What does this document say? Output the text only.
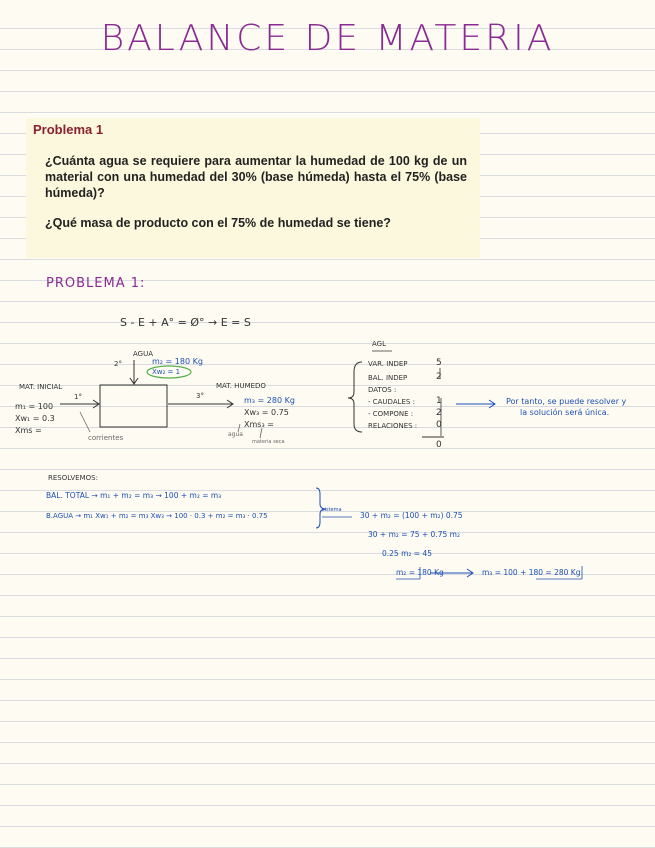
BALANCE DE MATERIA
Problema 1
¿Cuánta agua se requiere para aumentar la humedad de 100 kg de un material con una humedad del 30% (base húmeda) hasta el 75% (base húmeda)?
¿Qué masa de producto con el 75% de humedad se tiene?
PROBLEMA 1:
S - E + A° = Ø° → E = S
2°
AGUA
m₂ = 180 Kg
Xw₂ = 1
MAT. INICIAL
1°
m₁ = 100
Xw₁ = 0.3
Xms =
corrientes
MAT. HUMEDO
3°	m₃ = 280 Kg
Xw₃ = 0.75
Xms₃ =
agua
materia seca
AGL
VAR. INDEP	5
BAL. INDEP	2
DATOS :
- CAUDALES : 1
- COMPONE :	2
RELACIONES : 0
0
Por tanto, se puede resolver y
la solución será única.
RESOLVEMOS:
BAL. TOTAL → m₁ + m₂ = m₃ → 100 + m₂ = m₃
B.AGUA → m₁ Xw₁ + m₂ = m₃ Xw₃ → 100 · 0.3 + m₂ = m₃ · 0.75
sistema
30 + m₂ = (100 + m₂) 0.75
30 + m₂ = 75 + 0.75 m₂
0.25 m₂ = 45
m₂ = 180 Kg	m₃ = 100 + 180 = 280 Kg
